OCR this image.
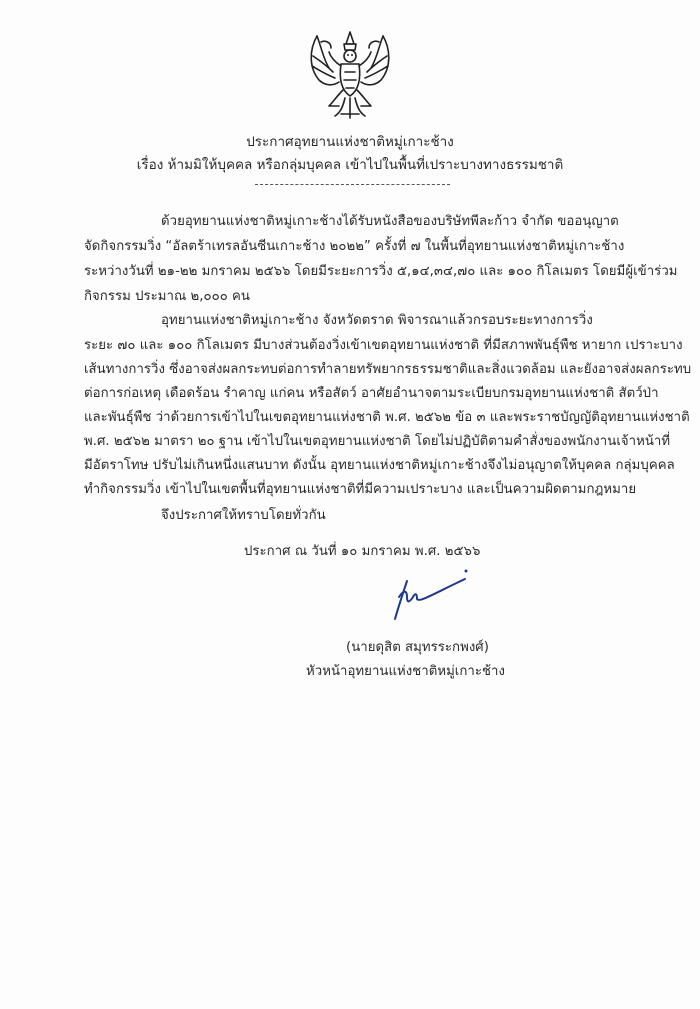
ประกาศอุทยานแห่งชาติหมู่เกาะช้าง
เรื่อง ห้ามมิให้บุคคล หรือกลุ่มบุคคล เข้าไปในพื้นที่เปราะบางทางธรรมชาติ
ด้วยอุทยานแห่งชาติหมู่เกาะช้างได้รับหนังสือของบริษัทพีละก้าว จำกัด ขออนุญาต
จัดกิจกรรมวิ่ง “อัลตร้าเทรลอันซีนเกาะช้าง ๒๐๒๒” ครั้งที่ ๗ ในพื้นที่อุทยานแห่งชาติหมู่เกาะช้าง
ระหว่างวันที่ ๒๑-๒๒ มกราคม ๒๕๖๖ โดยมีระยะการวิ่ง ๕,๑๔,๓๔,๗๐ และ ๑๐๐ กิโลเมตร โดยมีผู้เข้าร่วม
กิจกรรม ประมาณ ๒,๐๐๐ คน
อุทยานแห่งชาติหมู่เกาะช้าง จังหวัดตราด พิจารณาแล้วกรอบระยะทางการวิ่ง
ระยะ ๗๐ และ ๑๐๐ กิโลเมตร มีบางส่วนต้องวิ่งเข้าเขตอุทยานแห่งชาติ ที่มีสภาพพันธุ์พืช หายาก เปราะบาง
เส้นทางการวิ่ง ซึ่งอาจส่งผลกระทบต่อการทำลายทรัพยากรธรรมชาติและสิ่งแวดล้อม และยังอาจส่งผลกระทบ
ต่อการก่อเหตุ เดือดร้อน รำคาญ แก่คน หรือสัตว์ อาศัยอำนาจตามระเบียบกรมอุทยานแห่งชาติ สัตว์ป่า
และพันธุ์พืช ว่าด้วยการเข้าไปในเขตอุทยานแห่งชาติ พ.ศ. ๒๕๖๒ ข้อ ๓ และพระราชบัญญัติอุทยานแห่งชาติ
พ.ศ. ๒๕๖๒ มาตรา ๒๐ ฐาน เข้าไปในเขตอุทยานแห่งชาติ โดยไม่ปฏิบัติตามคำสั่งของพนักงานเจ้าหน้าที่
มีอัตราโทษ ปรับไม่เกินหนึ่งแสนบาท ดังนั้น อุทยานแห่งชาติหมู่เกาะช้างจึงไม่อนุญาตให้บุคคล กลุ่มบุคคล
ทำกิจกรรมวิ่ง เข้าไปในเขตพื้นที่อุทยานแห่งชาติที่มีความเปราะบาง และเป็นความผิดตามกฎหมาย
จึงประกาศให้ทราบโดยทั่วกัน
ประกาศ ณ วันที่ ๑๐ มกราคม พ.ศ. ๒๕๖๖
(นายดุสิต สมุทรระกพงศ์)
หัวหน้าอุทยานแห่งชาติหมู่เกาะช้าง
